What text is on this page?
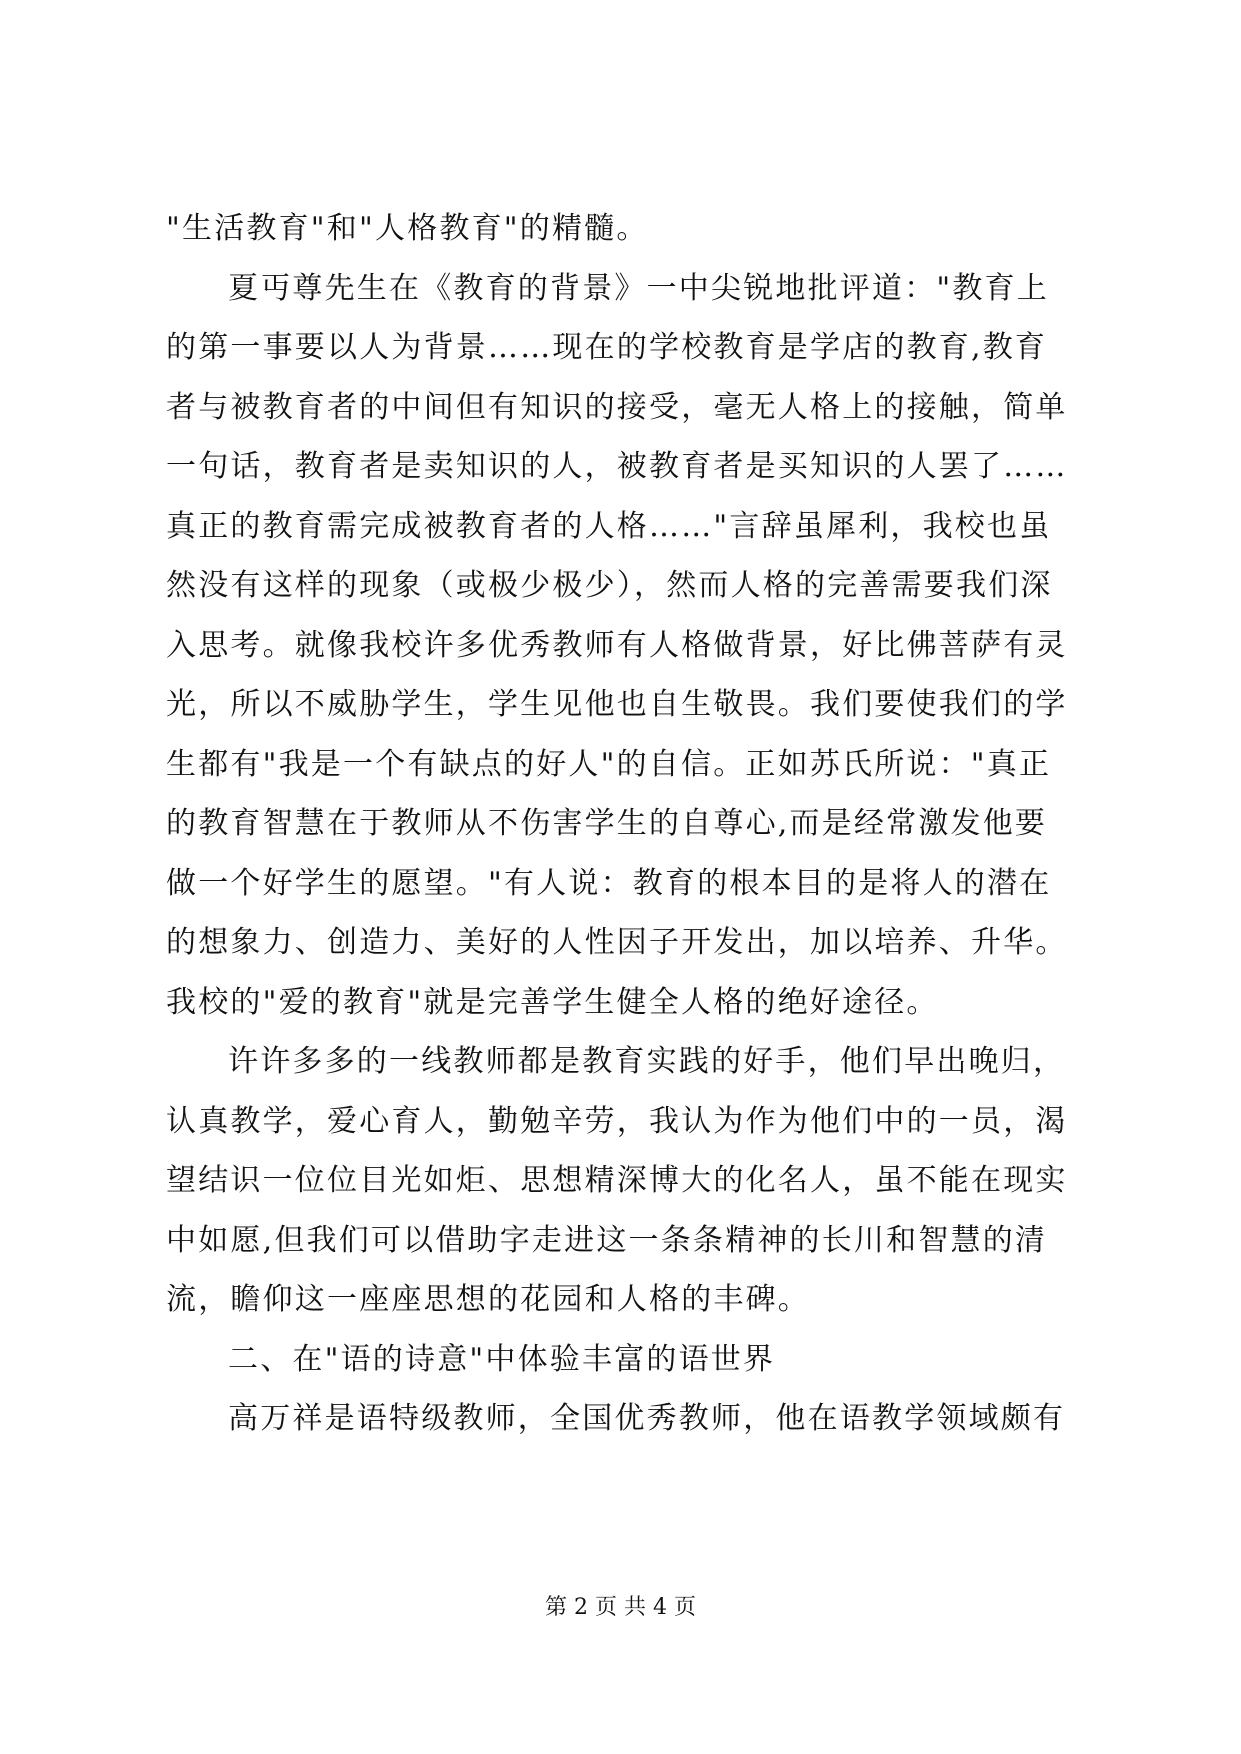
"生活教育"和"人格教育"的精髓。
夏丏尊先生在《教育的背景》一中尖锐地批评道："教育上
的第一事要以人为背景……现在的学校教育是学店的教育,教育
者与被教育者的中间但有知识的接受，毫无人格上的接触，简单
一句话，教育者是卖知识的人，被教育者是买知识的人罢了……
真正的教育需完成被教育者的人格……"言辞虽犀利，我校也虽
然没有这样的现象（或极少极少），然而人格的完善需要我们深
入思考。就像我校许多优秀教师有人格做背景，好比佛菩萨有灵
光，所以不威胁学生，学生见他也自生敬畏。我们要使我们的学
生都有"我是一个有缺点的好人"的自信。正如苏氏所说："真正
的教育智慧在于教师从不伤害学生的自尊心,而是经常激发他要
做一个好学生的愿望。"有人说：教育的根本目的是将人的潜在
的想象力、创造力、美好的人性因子开发出，加以培养、升华。
我校的"爱的教育"就是完善学生健全人格的绝好途径。
许许多多的一线教师都是教育实践的好手，他们早出晚归，
认真教学，爱心育人，勤勉辛劳，我认为作为他们中的一员，渴
望结识一位位目光如炬、思想精深博大的化名人，虽不能在现实
中如愿,但我们可以借助字走进这一条条精神的长川和智慧的清
流，瞻仰这一座座思想的花园和人格的丰碑。
二、在"语的诗意"中体验丰富的语世界
高万祥是语特级教师，全国优秀教师，他在语教学领域颇有
第 2 页 共 4 页
